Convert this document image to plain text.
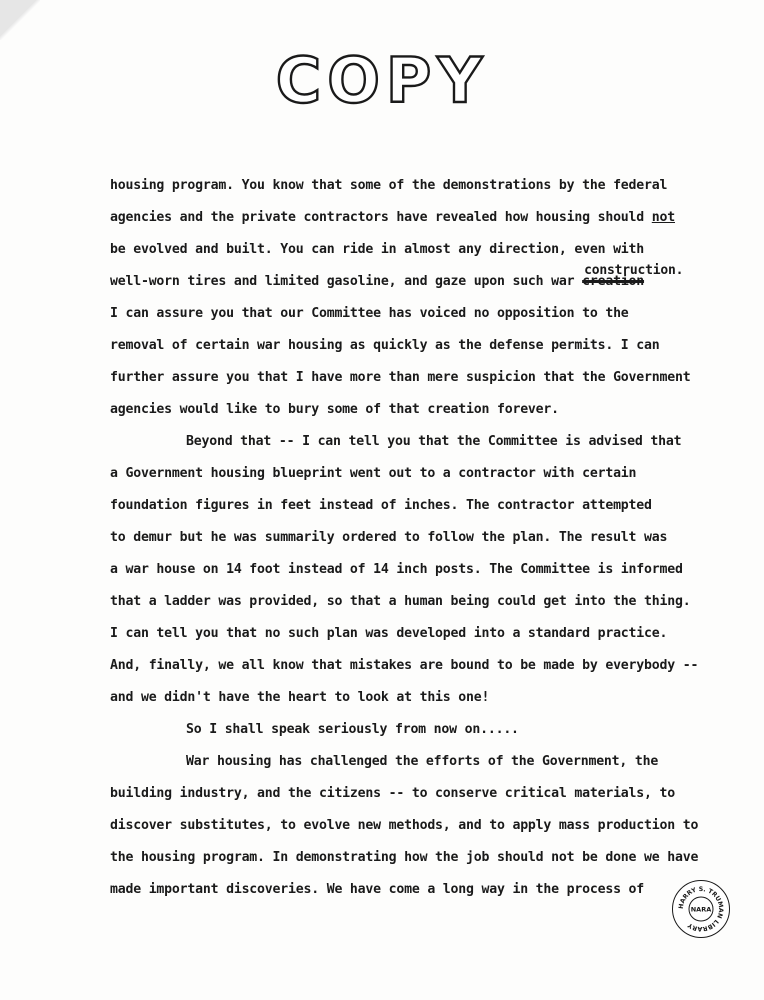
COPY
housing program. You know that some of the demonstrations by the federal
agencies and the private contractors have revealed how housing should not
be evolved and built. You can ride in almost any direction, even with
well-worn tires and limited gasoline, and gaze upon such war creation
construction.
I can assure you that our Committee has voiced no opposition to the
removal of certain war housing as quickly as the defense permits. I can
further assure you that I have more than mere suspicion that the Government
agencies would like to bury some of that creation forever.
Beyond that -- I can tell you that the Committee is advised that
a Government housing blueprint went out to a contractor with certain
foundation figures in feet instead of inches. The contractor attempted
to demur but he was summarily ordered to follow the plan. The result was
a war house on 14 foot instead of 14 inch posts. The Committee is informed
that a ladder was provided, so that a human being could get into the thing.
I can tell you that no such plan was developed into a standard practice.
And, finally, we all know that mistakes are bound to be made by everybody --
and we didn't have the heart to look at this one!
So I shall speak seriously from now on.....
War housing has challenged the efforts of the Government, the
building industry, and the citizens -- to conserve critical materials, to
discover substitutes, to evolve new methods, and to apply mass production to
the housing program. In demonstrating how the job should not be done we have
made important discoveries. We have come a long way in the process of
HARRY S. TRUMAN LIBRARY
NARA
